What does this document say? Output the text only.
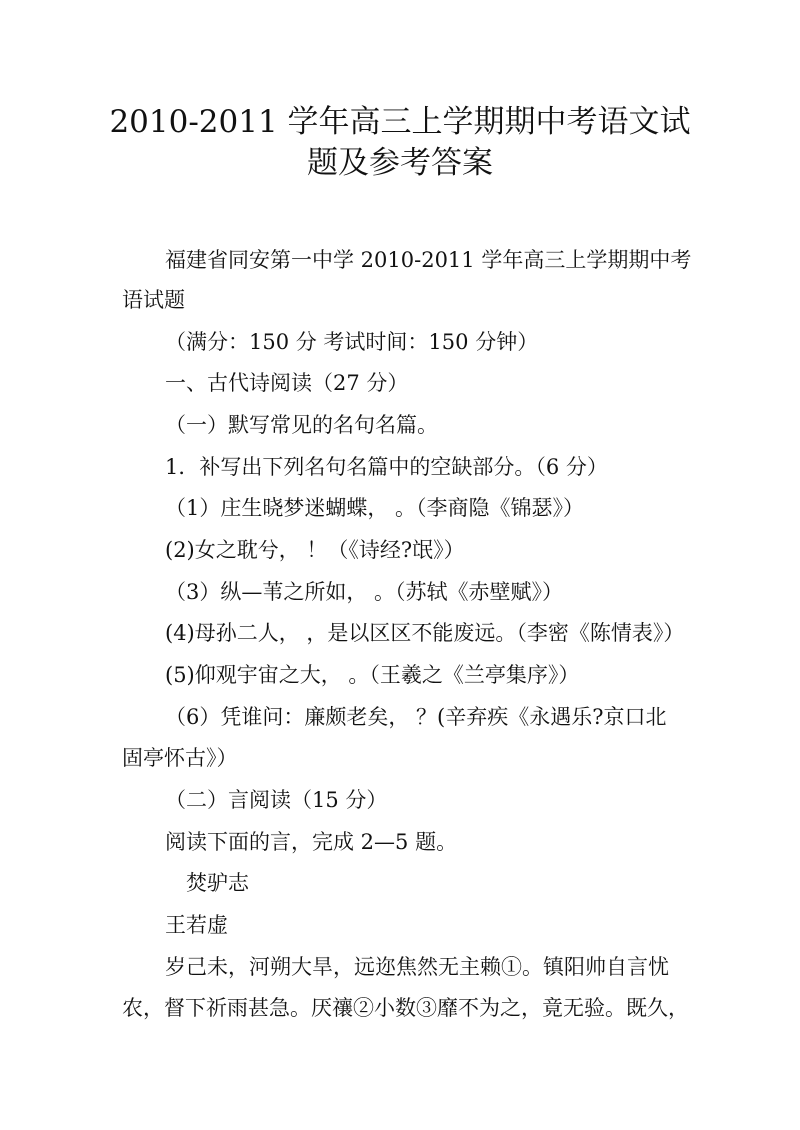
2010-2011 学年高三上学期期中考语文试
题及参考答案
福建省同安第一中学 2010-2011 学年高三上学期期中考
语试题
（满分：150 分 考试时间：150 分钟）
一、古代诗阅读（27 分）
（一）默写常见的名句名篇。
1．补写出下列名句名篇中的空缺部分。（6 分）
（1）庄生晓梦迷蝴蝶， 。（李商隐《锦瑟》）
(2)女之耽兮， ！（《诗经?氓》）
（3）纵—苇之所如， 。（苏轼《赤壁赋》）
(4)母孙二人， ，是以区区不能废远。（李密《陈情表》）
(5)仰观宇宙之大， 。（王羲之《兰亭集序》）
（6）凭谁问：廉颇老矣， ？(辛弃疾《永遇乐?京口北
固亭怀古》）
（二）言阅读（15 分）
阅读下面的言，完成 2—5 题。
焚驴志
王若虚
岁己未，河朔大旱，远迩焦然无主赖①。镇阳帅自言忧
农，督下祈雨甚急。厌禳②小数③靡不为之，竟无验。既久，
